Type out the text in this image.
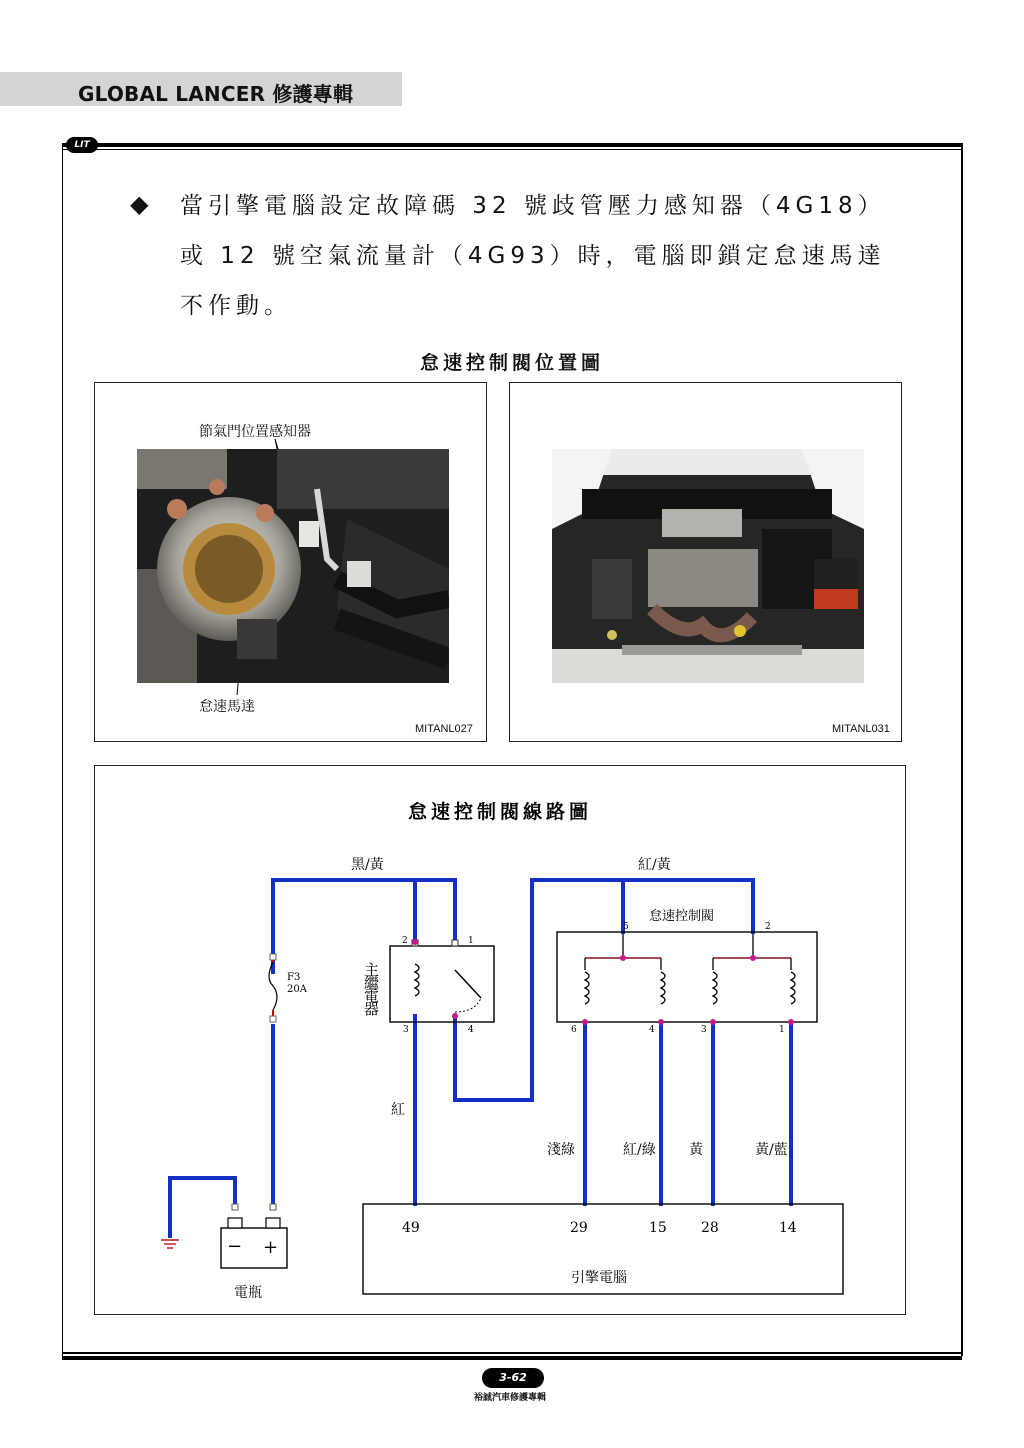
GLOBAL LANCER 修護專輯
LIT
◆ 當引擎電腦設定故障碼 32 號歧管壓力感知器（4G18）
或 12 號空氣流量計（4G93）時，電腦即鎖定怠速馬達
不作動。
怠速控制閥位置圖
節氣門位置感知器
怠速馬達
MITANL027	MITANL031
怠速控制閥線路圖
黑/黃	紅/黃
F3
20A
2	1
3	4
主繼電器
怠速控制閥
5	2
6	4	3	1
紅
淺綠	紅/綠 黃	黃/藍
49	29	15 28	14
引擎電腦
− +
電瓶
3-62
裕誠汽車修護專輯
